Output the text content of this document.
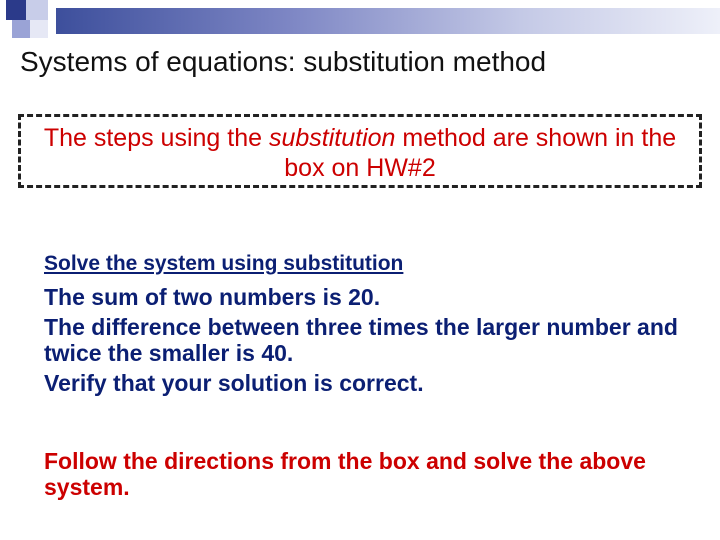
Systems of equations: substitution method

The steps using the substitution method are shown in the box on HW#2

Solve the system using substitution

The sum of two numbers is 20.

The difference between three times the larger number and twice the smaller is 40.

Verify that your solution is correct.

Follow the directions from the box and solve the above system.
